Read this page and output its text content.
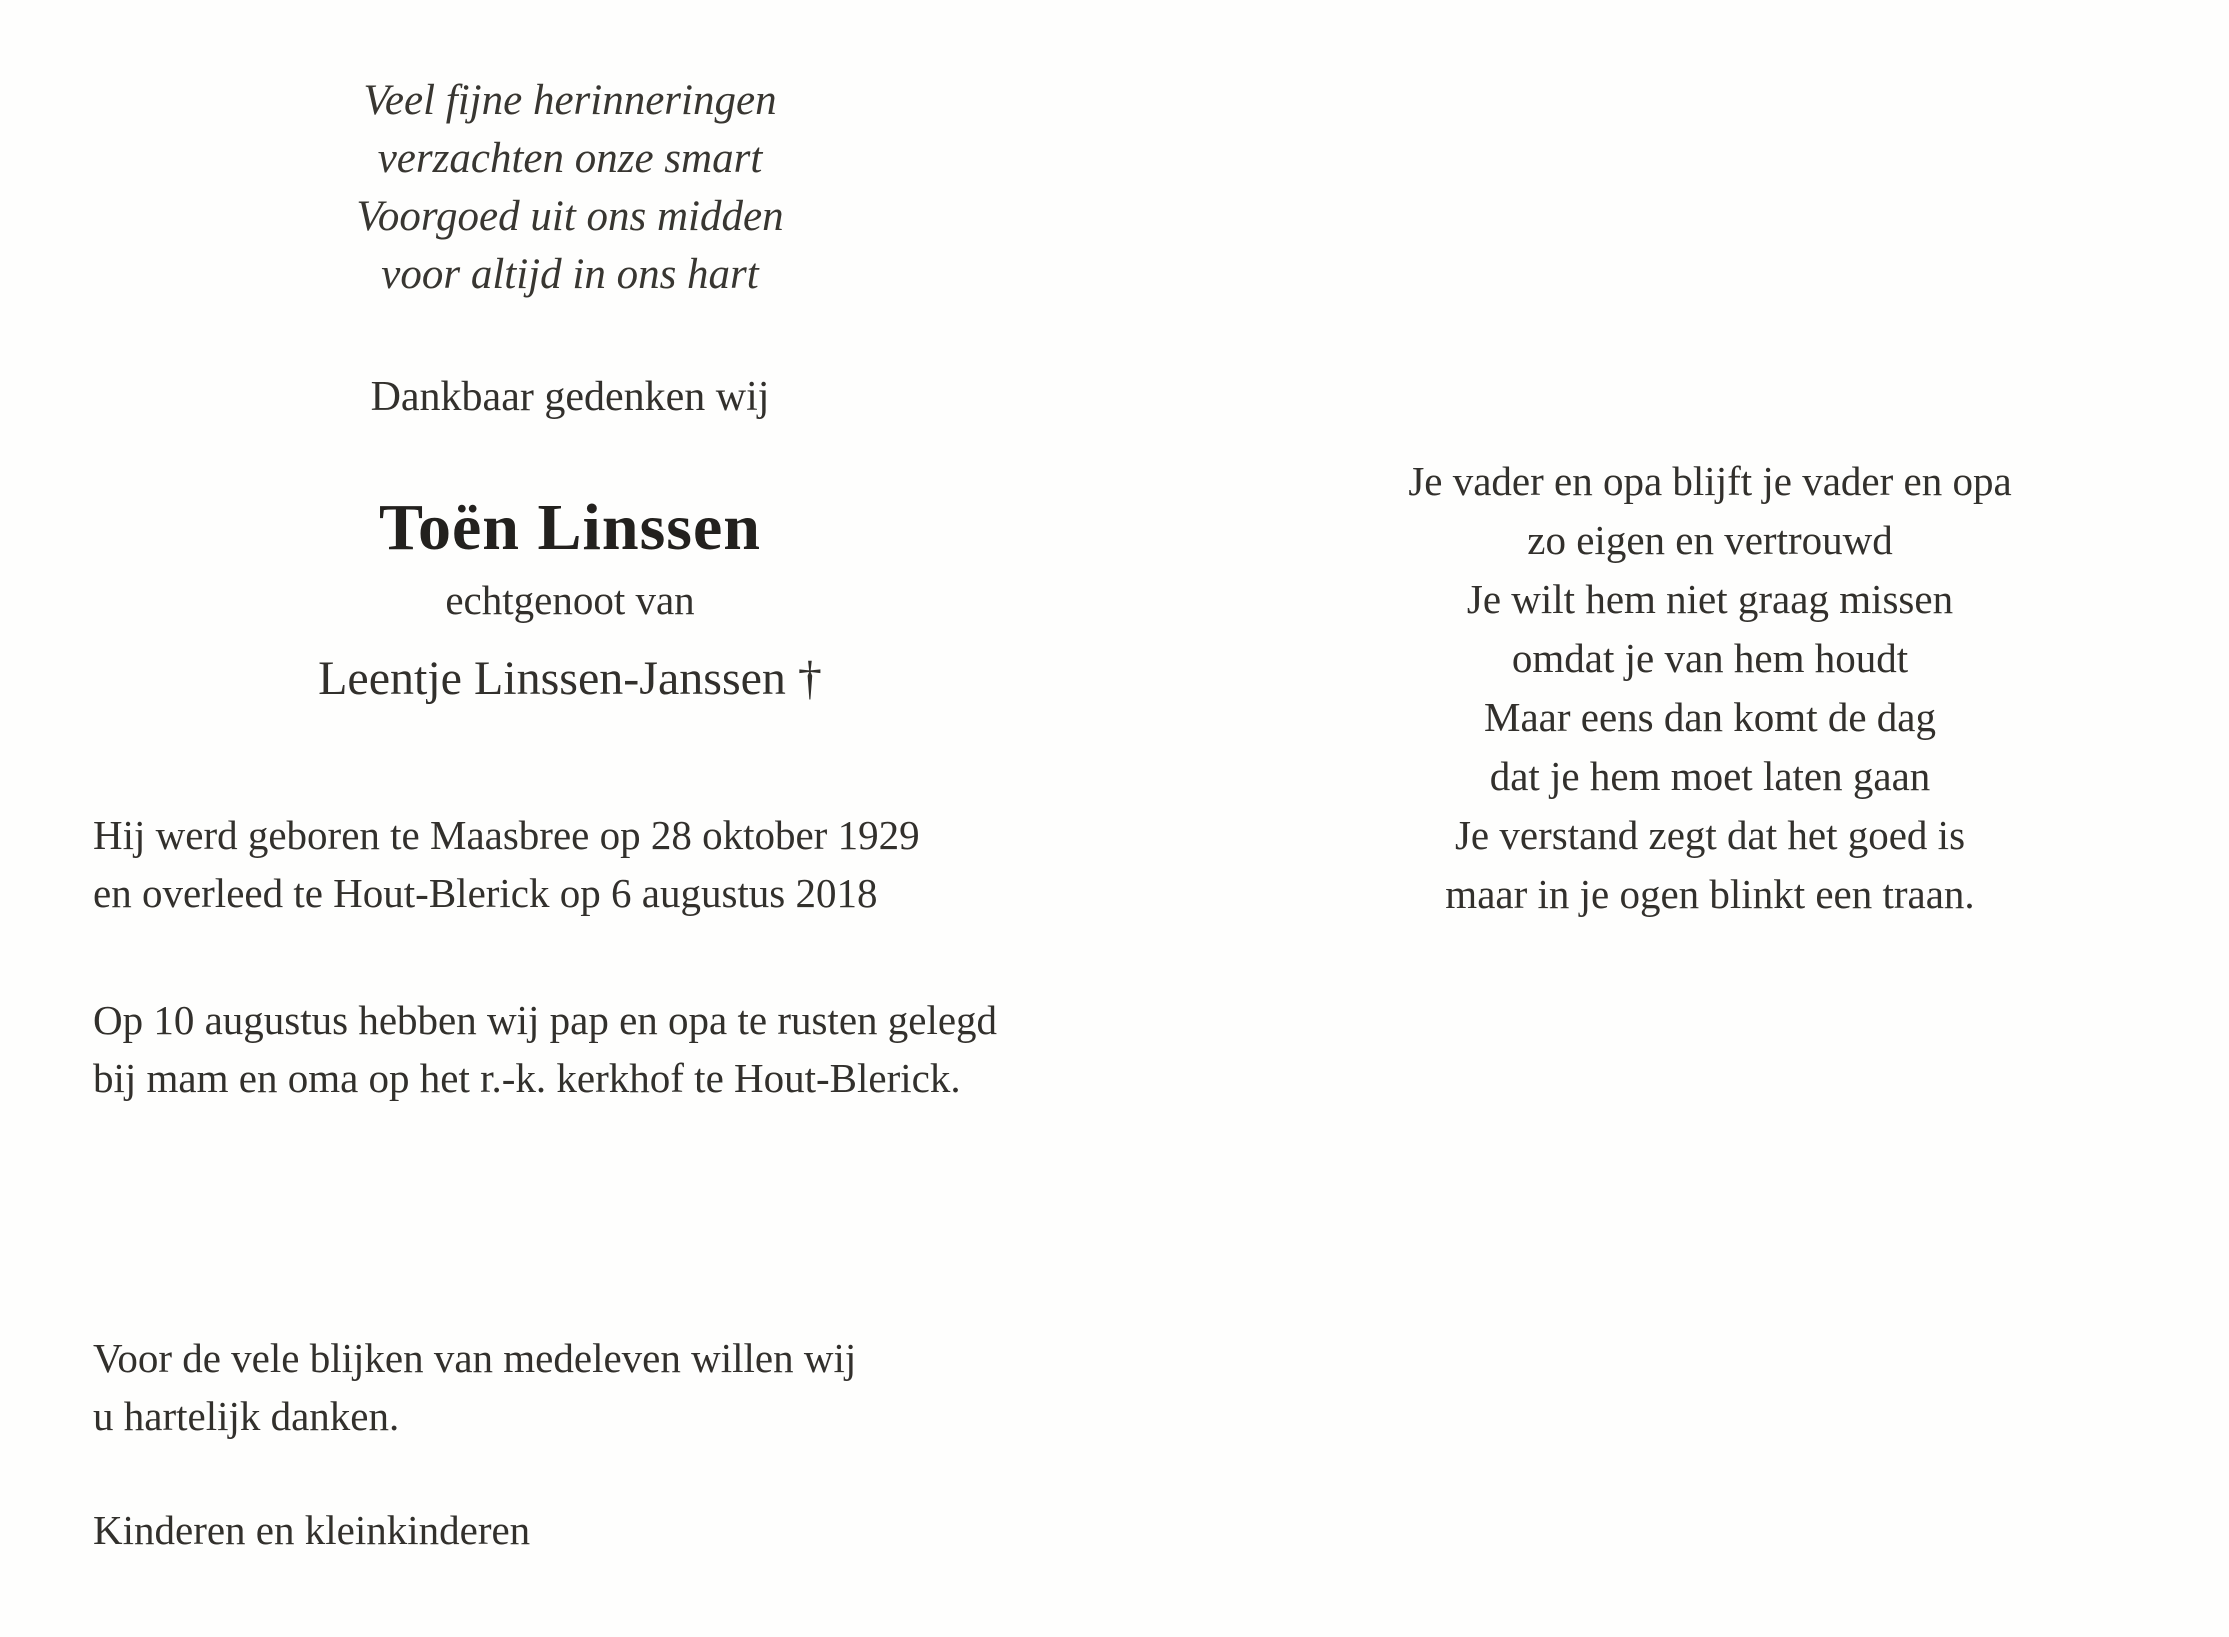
Veel fijne herinneringen
verzachten onze smart
Voorgoed uit ons midden
voor altijd in ons hart
Dankbaar gedenken wij
Toën Linssen
echtgenoot van
Leentje Linssen-Janssen †
Hij werd geboren te Maasbree op 28 oktober 1929
en overleed te Hout-Blerick op 6 augustus 2018
Op 10 augustus hebben wij pap en opa te rusten gelegd
bij mam en oma op het r.-k. kerkhof te Hout-Blerick.
Voor de vele blijken van medeleven willen wij
u hartelijk danken.
Kinderen en kleinkinderen
Je vader en opa blijft je vader en opa
zo eigen en vertrouwd
Je wilt hem niet graag missen
omdat je van hem houdt
Maar eens dan komt de dag
dat je hem moet laten gaan
Je verstand zegt dat het goed is
maar in je ogen blinkt een traan.
